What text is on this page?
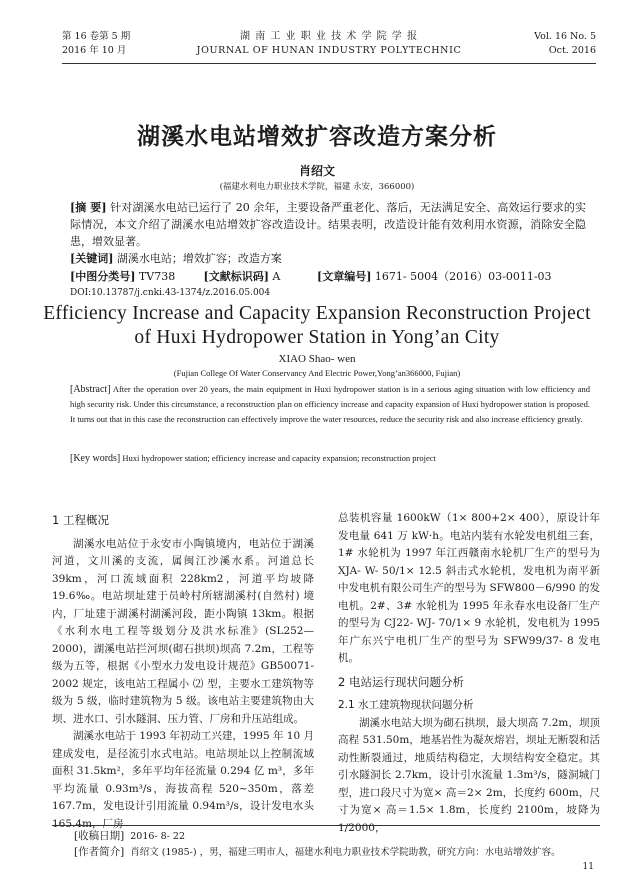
第 16 卷第 5 期
2016 年 10 月
湖 南 工 业 职 业 技 术 学 院 学 报
JOURNAL OF HUNAN INDUSTRY POLYTECHNIC
Vol. 16 No. 5
Oct. 2016
湖溪水电站增效扩容改造方案分析
肖绍文
(福建水利电力职业技术学院，福建 永安，366000)
[摘 要] 针对湖溪水电站已运行了 20 余年，主要设备严重老化、落后，无法满足安全、高效运行要求的实际情况，本文介绍了湖溪水电站增效扩容改造设计。结果表明，改造设计能有效利用水资源，消除安全隐患，增效显著。
[关键词] 湖溪水电站；增效扩容；改造方案
[中图分类号] TV738	[文献标识码] A	[文章编号] 1671- 5004（2016）03-0011-03
DOI:10.13787/j.cnki.43-1374/z.2016.05.004
Efficiency Increase and Capacity Expansion Reconstruction Project
of Huxi Hydropower Station in Yong’an City
XIAO Shao- wen
(Fujian College Of Water Conservancy And Electric Power,Yong’an366000, Fujian)
[Abstract] After the operation over 20 years, the main equipment in Huxi hydropower station is in a serious aging situation with low efficiency and high security risk. Under this circumstance, a reconstruction plan on efficiency increase and capacity expansion of Huxi hydropower station is proposed. It turns out that in this case the reconstruction can effectively improve the water resources, reduce the security risk and also increase efficiency greatly.
[Key words] Huxi hydropower station; efficiency increase and capacity expansion; reconstruction project
1 工程概况

湖溪水电站位于永安市小陶镇境内，电站位于湖溪河道，文川溪的支流，属闽江沙溪水系。河道总长 39km，河口流域面积 228km2，河道平均坡降 19.6‰。电站坝址建于员岭村所辖湖溪村(自然村) 境内，厂址建于湖溪村湖溪河段，距小陶镇 13km。根据《水利水电工程等级划分及洪水标准》(SL252—2000)，湖溪电站拦河坝(砌石拱坝)坝高 7.2m，工程等级为五等，根据《小型水力发电设计规范》GB50071- 2002 规定，该电站工程属小 ⑵ 型，主要水工建筑物等级为 5 级，临时建筑物为 5 级。该电站主要建筑物由大坝、进水口、引水隧洞、压力管、厂房和升压站组成。

湖溪水电站于 1993 年初动工兴建，1995 年 10 月建成发电，是径流引水式电站。电站坝址以上控制流域面积 31.5km²，多年平均年径流量 0.294 亿 m³，多年平均流量 0.93m³/s，海拔高程 520~350m，落差 167.7m，发电设计引用流量 0.94m³/s，设计发电水头 165.4m，厂房

总装机容量 1600kW（1× 800+2× 400），原设计年发电量 641 万 kW·h。电站内装有水轮发电机组三套，1# 水轮机为 1997 年江西赣南水轮机厂生产的型号为 XJA- W- 50/1× 12.5 斜击式水轮机，发电机为南平新中发电机有限公司生产的型号为 SFW800－6/990 的发电机。2#、3# 水轮机为 1995 年永春水电设备厂生产的型号为 CJ22- WJ- 70/1× 9 水轮机，发电机为 1995 年广东兴宁电机厂生产的型号为 SFW99/37- 8 发电机。
2 电站运行现状问题分析
2.1 水工建筑物现状问题分析

湖溪水电站大坝为砌石拱坝，最大坝高 7.2m，坝顶高程 531.50m，地基岩性为凝灰熔岩，坝址无断裂和活动性断裂通过，地质结构稳定，大坝结构安全稳定。其引水隧洞长 2.7km，设计引水流量 1.3m³/s，隧洞城门型，进口段尺寸为宽× 高＝2× 2m，长度约 600m，尺寸为宽× 高＝1.5× 1.8m，长度约 2100m，坡降为 1/2000，

[收稿日期] 2016- 8- 22
[作者简介] 肖绍文 (1985-) ，男，福建三明市人，福建水利电力职业技术学院助教，研究方向：水电站增效扩容。
11
